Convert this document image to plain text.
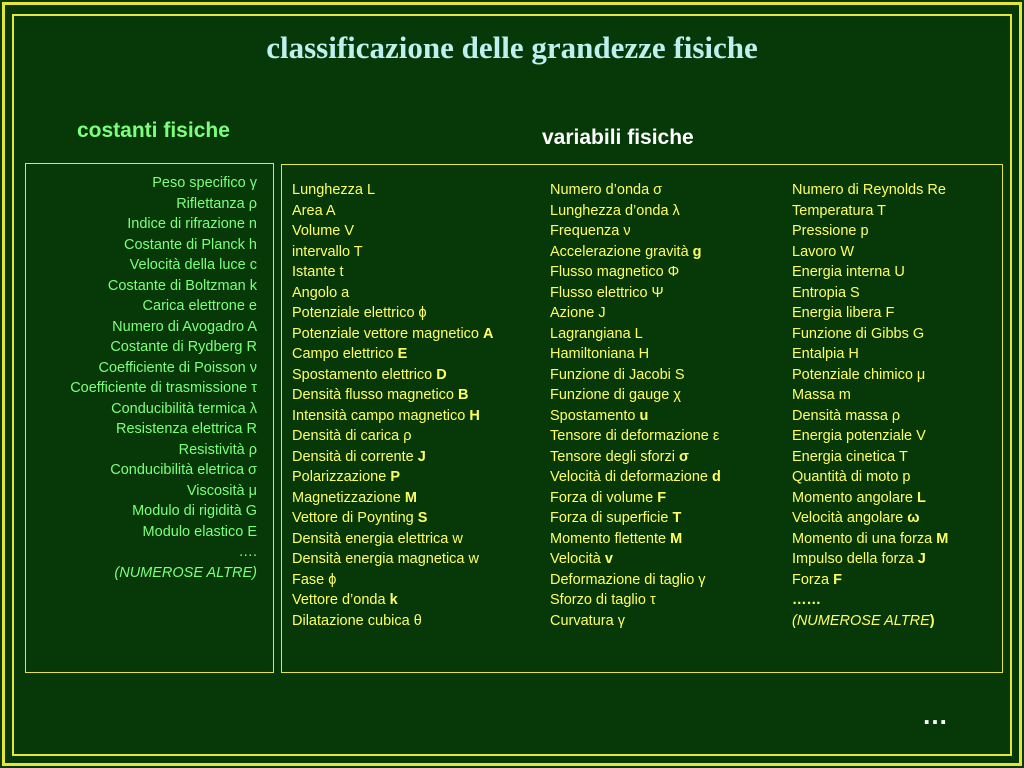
classificazione delle grandezze fisiche
costanti fisiche	variabili fisiche
Peso specifico γ
Riflettanza ρ
Indice di rifrazione n
Costante di Planck h
Velocità della luce c
Costante di Boltzman k
Carica elettrone e
Numero di Avogadro A
Costante di Rydberg R
Coefficiente di Poisson ν
Coefficiente di trasmissione τ
Conducibilità termica λ
Resistenza elettrica R
Resistività ρ
Conducibilità eletrica σ
Viscosità μ
Modulo di rigidità G
Modulo elastico E
….
(NUMEROSE ALTRE)
Lunghezza L
Area A
Volume V
intervallo T
Istante t
Angolo a
Potenziale elettrico ϕ
Potenziale vettore magnetico A
Campo elettrico E
Spostamento elettrico D
Densità flusso magnetico B
Intensità campo magnetico H
Densità di carica ρ
Densità di corrente J
Polarizzazione P
Magnetizzazione M
Vettore di Poynting S
Densità energia elettrica w
Densità energia magnetica w
Fase ϕ
Vettore d’onda k
Dilatazione cubica θ
Numero d’onda σ
Lunghezza d’onda λ
Frequenza ν
Accelerazione gravità g
Flusso magnetico Φ
Flusso elettrico Ψ
Azione J
Lagrangiana L
Hamiltoniana H
Funzione di Jacobi S
Funzione di gauge χ
Spostamento u
Tensore di deformazione ε
Tensore degli sforzi σ
Velocità di deformazione d
Forza di volume F
Forza di superficie T
Momento flettente M
Velocità v
Deformazione di taglio γ
Sforzo di taglio τ
Curvatura γ
Numero di Reynolds Re
Temperatura T
Pressione p
Lavoro W
Energia interna U
Entropia S
Energia libera F
Funzione di Gibbs G
Entalpia H
Potenziale chimico μ
Massa m
Densità massa ρ
Energia potenziale V
Energia cinetica T
Quantità di moto p
Momento angolare L
Velocità angolare ω
Momento di una forza M
Impulso della forza J
Forza F
……
(NUMEROSE ALTRE)

…
